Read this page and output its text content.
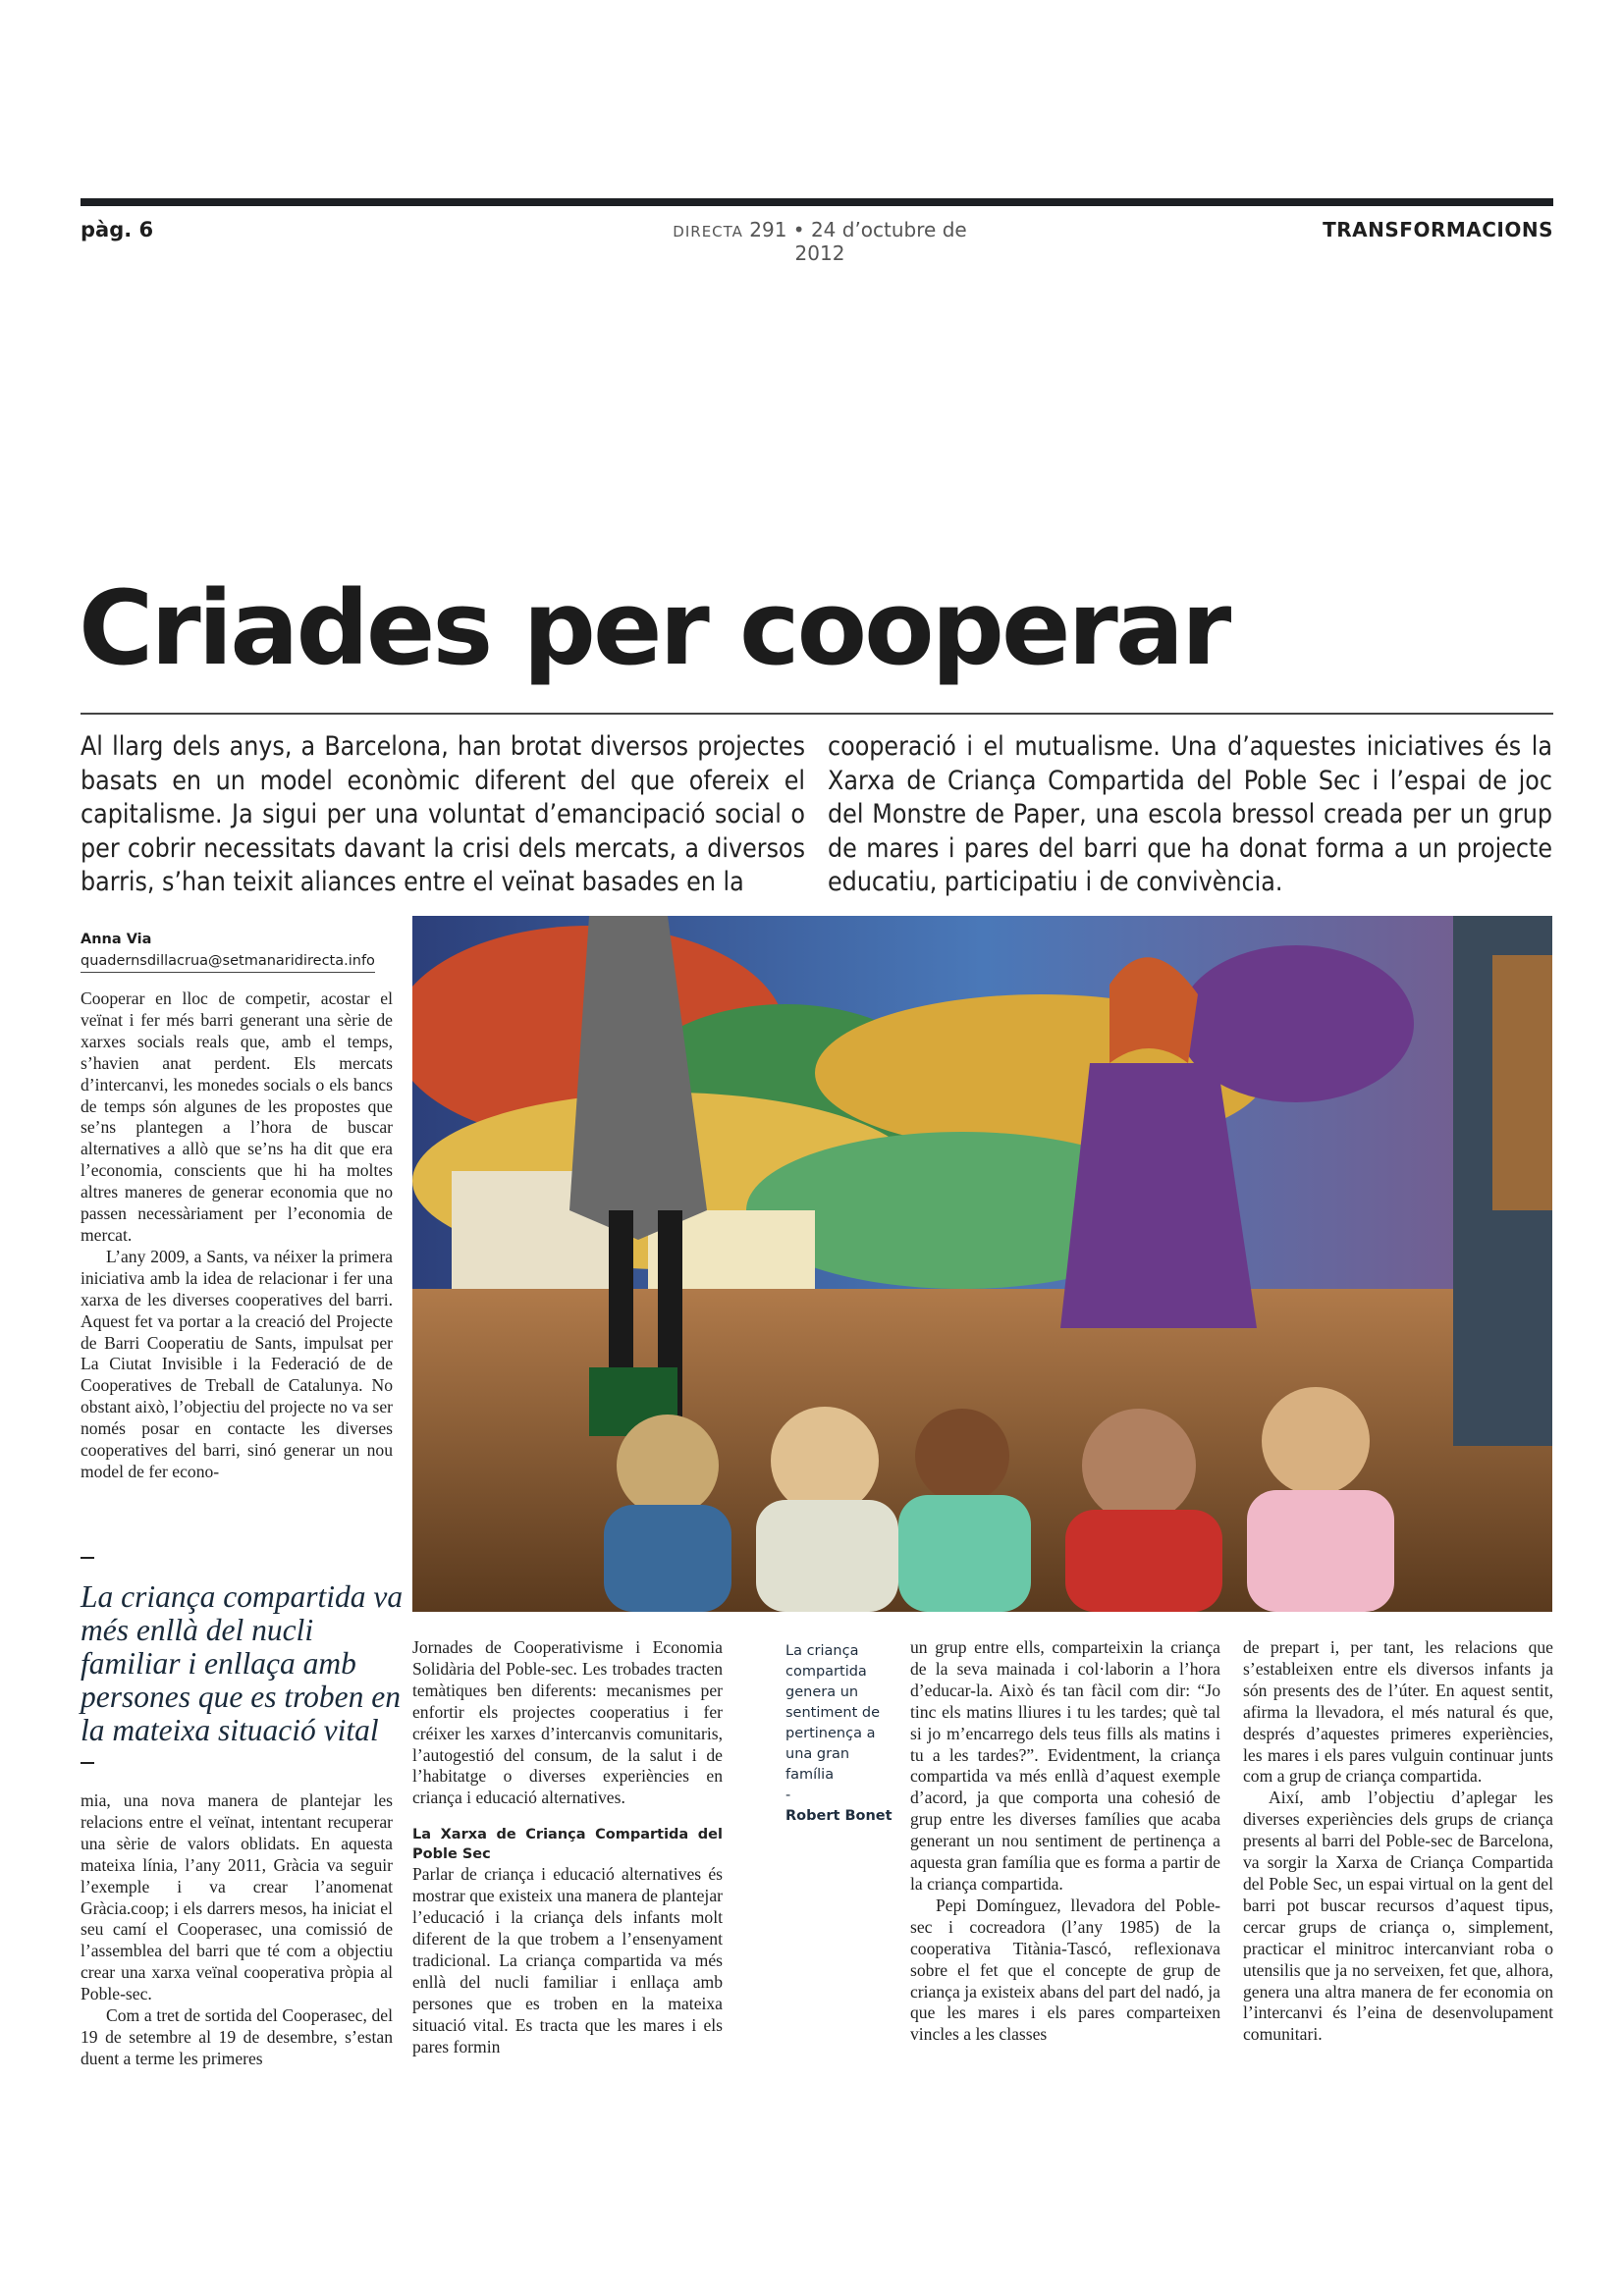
pàg. 6	DIRECTA 291 • 24 d’octubre de 2012
TRANSFORMACIONS
Criades per cooperar
Al llarg dels anys, a Barcelona, han brotat diversos projectes basats en un model econòmic diferent del que ofereix el capitalisme. Ja sigui per una voluntat d’emancipació social o per cobrir necessitats davant la crisi dels mercats, a diversos barris, s’han teixit aliances entre el veïnat basades en la
cooperació i el mutualisme. Una d’aquestes iniciatives és la Xarxa de Criança Compartida del Poble Sec i l’espai de joc del Monstre de Paper, una escola bressol creada per un grup de mares i pares del barri que ha donat forma a un projecte educatiu, participatiu i de convivència.
Anna Via
quadernsdillacrua@setmanaridirecta.info

Cooperar en lloc de competir, acostar el veïnat i fer més barri generant una sèrie de xarxes socials reals que, amb el temps, s’havien anat perdent. Els mercats d’intercanvi, les monedes socials o els bancs de temps són algunes de les propostes que se’ns plantegen a l’hora de buscar alternatives a allò que se’ns ha dit que era l’economia, conscients que hi ha moltes altres maneres de generar economia que no passen necessàriament per l’economia de mercat.

L’any 2009, a Sants, va néixer la primera iniciativa amb la idea de relacionar i fer una xarxa de les diverses cooperatives del barri. Aquest fet va portar a la creació del Projecte de Barri Cooperatiu de Sants, impulsat per La Ciutat Invisible i la Federació de de Cooperatives de Treball de Catalunya. No obstant això, l’objectiu del projecte no va ser només posar en contacte les diverses cooperatives del barri, sinó generar un nou model de fer econo-

La criança compartida va més enllà del nucli familiar i enllaça amb persones que es troben en la mateixa situació vital

mia, una nova manera de plantejar les relacions entre el veïnat, intentant recuperar una sèrie de valors oblidats. En aquesta mateixa línia, l’any 2011, Gràcia va seguir l’exemple i va crear l’anomenat Gràcia.coop; i els darrers mesos, ha iniciat el seu camí el Cooperasec, una comissió de l’assemblea del barri que té com a objectiu crear una xarxa veïnal cooperativa pròpia al Poble-sec.

Com a tret de sortida del Cooperasec, del 19 de setembre al 19 de desembre, s’estan duent a terme les primeres

Jornades de Cooperativisme i Economia Solidària del Poble-sec. Les trobades tracten temàtiques ben diferents: mecanismes per enfortir els projectes cooperatius i fer créixer les xarxes d’intercanvis comunitaris, l’autogestió del consum, de la salut i de l’habitatge o diverses experiències en criança i educació alternatives.

La Xarxa de Criança Compartida del Poble Sec

Parlar de criança i educació alternatives és mostrar que existeix una manera de plantejar l’educació i la criança dels infants molt diferent de la que trobem a l’ensenyament tradicional. La criança compartida va més enllà del nucli familiar i enllaça amb persones que es troben en la mateixa situació vital. Es tracta que les mares i els pares formin

La criança compartida genera un sentiment de pertinença a una gran família
-
Robert Bonet

un grup entre ells, comparteixin la criança de la seva mainada i col·laborin a l’hora d’educar-la. Això és tan fàcil com dir: “Jo tinc els matins lliures i tu les tardes; què tal si jo m’encarrego dels teus fills als matins i tu a les tardes?”. Evidentment, la criança compartida va més enllà d’aquest exemple d’acord, ja que comporta una cohesió de grup entre les diverses famílies que acaba generant un nou sentiment de pertinença a aquesta gran família que es forma a partir de la criança compartida.

Pepi Domínguez, llevadora del Poble-sec i cocreadora (l’any 1985) de la cooperativa Titània-Tascó, reflexionava sobre el fet que el concepte de grup de criança ja existeix abans del part del nadó, ja que les mares i els pares comparteixen vincles a les classes

de prepart i, per tant, les relacions que s’estableixen entre els diversos infants ja són presents des de l’úter. En aquest sentit, afirma la llevadora, el més natural és que, després d’aquestes primeres experiències, les mares i els pares vulguin continuar junts com a grup de criança compartida.

Així, amb l’objectiu d’aplegar les diverses experiències dels grups de criança presents al barri del Poble-sec de Barcelona, va sorgir la Xarxa de Criança Compartida del Poble Sec, un espai virtual on la gent del barri pot buscar recursos d’aquest tipus, cercar grups de criança o, simplement, practicar el minitroc intercanviant roba o utensilis que ja no serveixen, fet que, alhora, genera una altra manera de fer economia on l’intercanvi és l’eina de desenvolupament comunitari.
